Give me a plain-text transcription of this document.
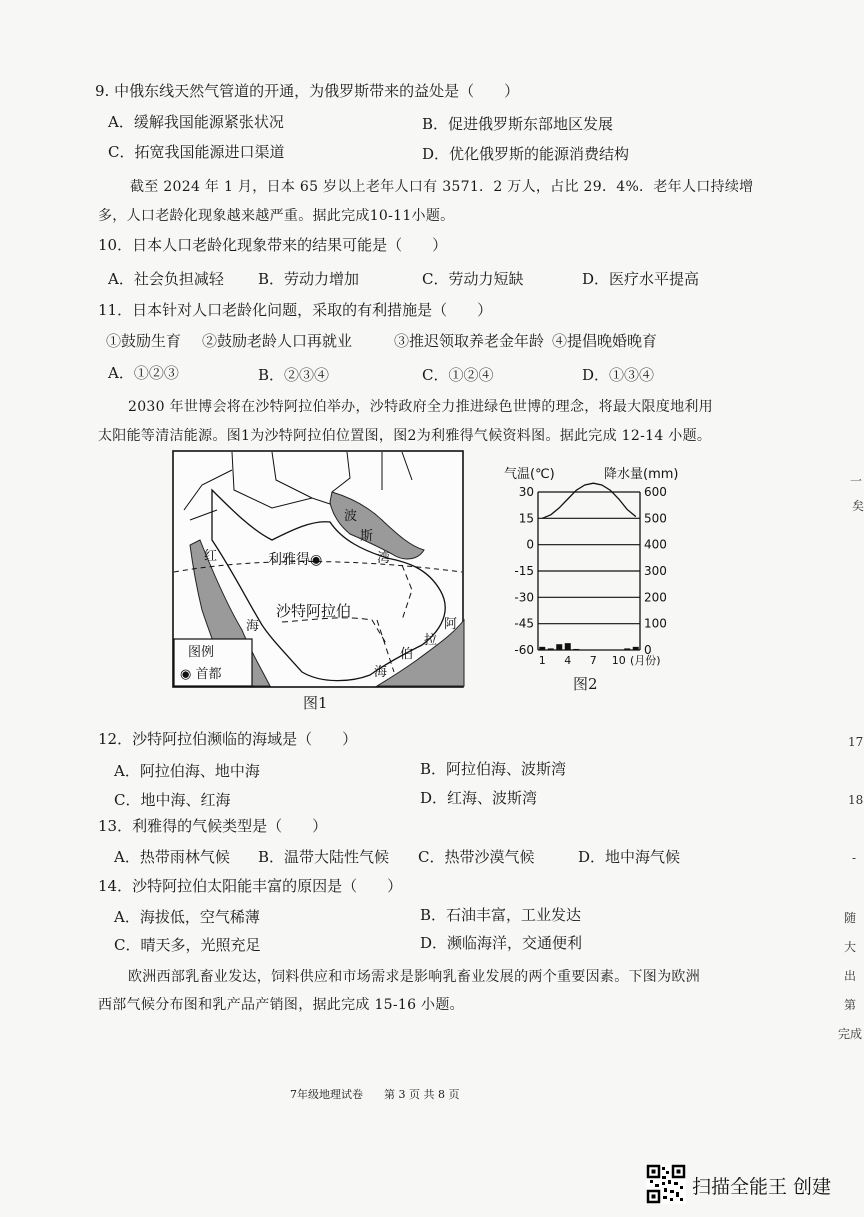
9. 中俄东线天然气管道的开通，为俄罗斯带来的益处是（　　）
A．缓解我国能源紧张状况	B．促进俄罗斯东部地区发展
C．拓宽我国能源进口渠道	D．优化俄罗斯的能源消费结构
截至 2024 年 1 月，日本 65 岁以上老年人口有 3571．2 万人，占比 29．4%．老年人口持续增
多，人口老龄化现象越来越严重。据此完成10-11小题。
10．日本人口老龄化现象带来的结果可能是（　　）
A．社会负担减轻 B．劳动力增加	C．劳动力短缺	D．医疗水平提高
11．日本针对人口老龄化问题，采取的有利措施是（　　）
①鼓励生育 ②鼓励老龄人口再就业	③推迟领取养老金年龄 ④提倡晚婚晚育
A．①②③	B．②③④	C．①②④	D．①③④
2030 年世博会将在沙特阿拉伯举办，沙特政府全力推进绿色世博的理念，将最大限度地利用
太阳能等清洁能源。图1为沙特阿拉伯位置图，图2为利雅得气候资料图。据此完成 12-14 小题。
利雅得◉
沙特阿拉伯
波
斯
湾
红
海	阿
拉
伯
海
图例
◉ 首都
图1
气温(℃)	降水量(mm)
(月份)
30	600
15	500
0	400
-15	300
-30	200
-45	100
-60	0
1 4 7 10
图2
12．沙特阿拉伯濒临的海域是（　　）
A．阿拉伯海、地中海	B．阿拉伯海、波斯湾
C．地中海、红海	D．红海、波斯湾
13．利雅得的气候类型是（　　）
A．热带雨林气候 B．温带大陆性气候 C．热带沙漠气候	D．地中海气候
14．沙特阿拉伯太阳能丰富的原因是（　　）
A．海拔低，空气稀薄	B．石油丰富，工业发达
C．晴天多，光照充足	D．濒临海洋，交通便利
欧洲西部乳畜业发达，饲料供应和市场需求是影响乳畜业发展的两个重要因素。下图为欧洲
西部气候分布图和乳产品产销图，据此完成 15-16 小题。
一
矣
17
18
-
随
大
出
第
完成
7年级地理试卷 第 3 页 共 8 页
扫描全能王 创建
